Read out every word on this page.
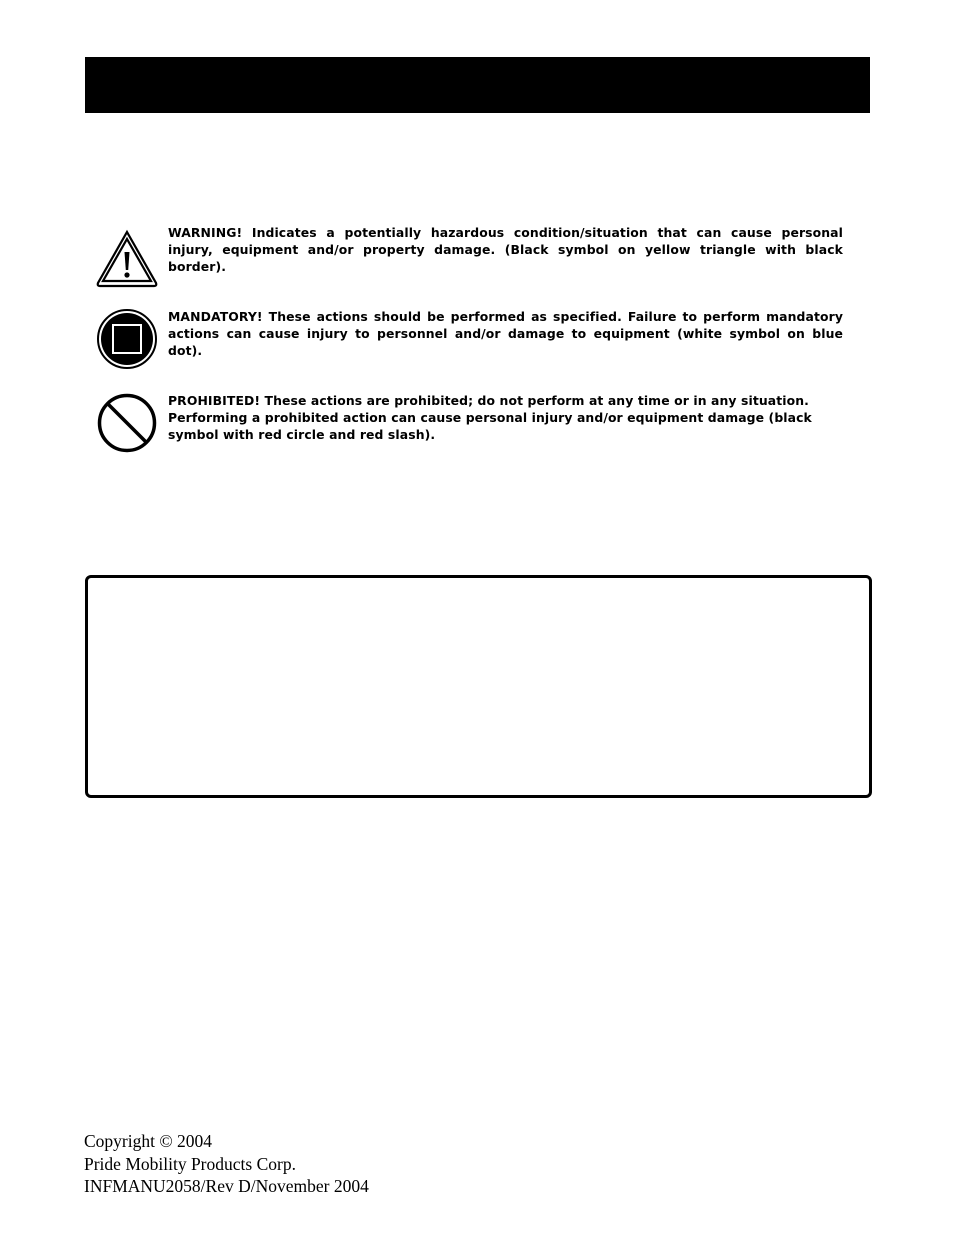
WARNING! Indicates a potentially hazardous condition/situation that can cause personal injury, equipment and/or property damage. (Black symbol on yellow triangle with black border).
MANDATORY! These actions should be performed as specified. Failure to perform mandatory actions can cause injury to personnel and/or damage to equipment (white symbol on blue dot).
PROHIBITED! These actions are prohibited; do not perform at any time or in any situation. Performing a prohibited action can cause personal injury and/or equipment damage (black symbol with red circle and red slash).
Copyright © 2004
Pride Mobility Products Corp.
INFMANU2058/Rev D/November 2004
